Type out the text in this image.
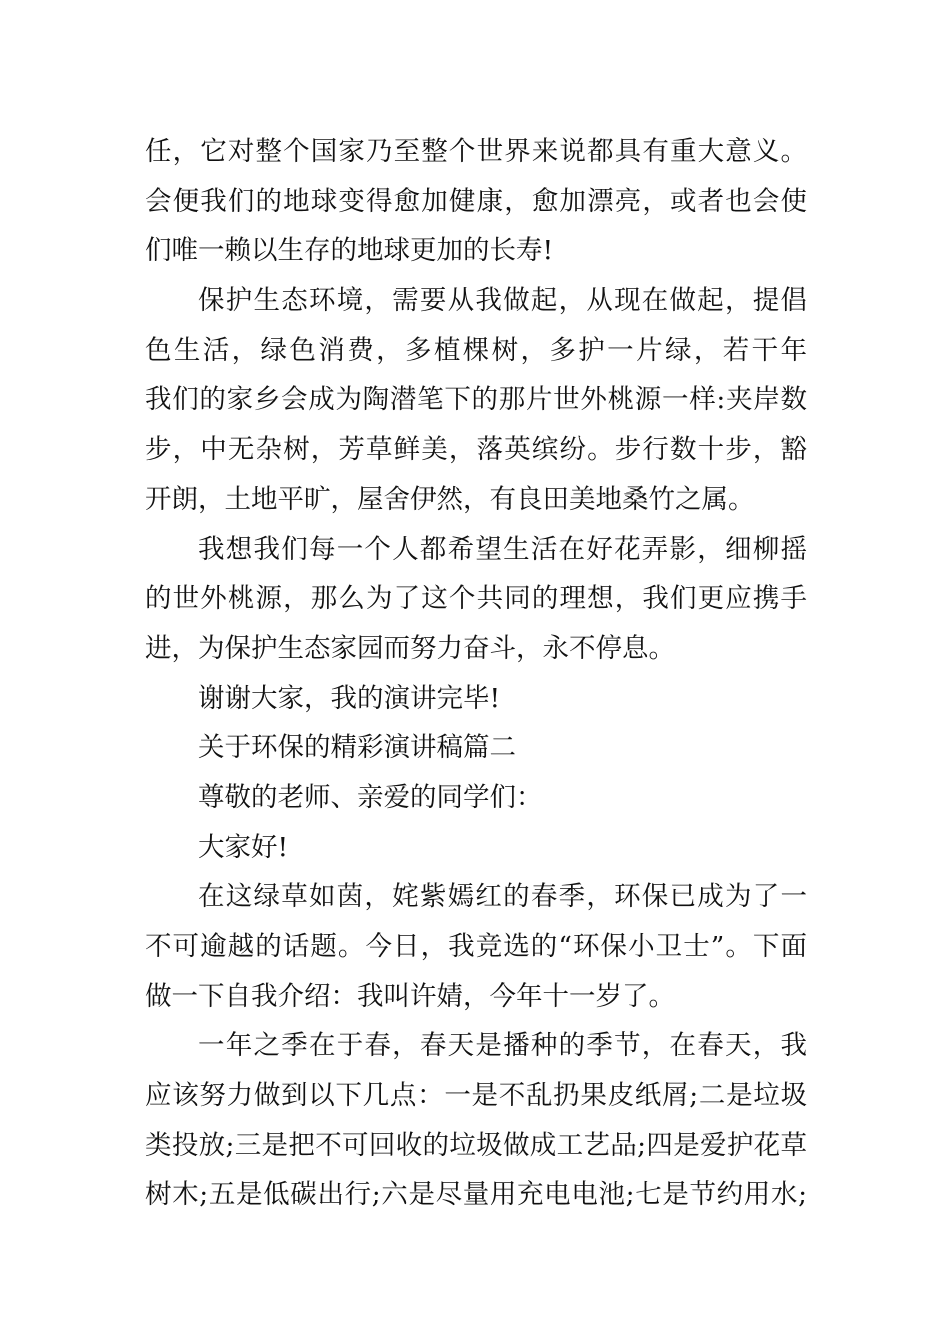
任，它对整个国家乃至整个世界来说都具有重大意义。
会便我们的地球变得愈加健康，愈加漂亮，或者也会使
们唯一赖以生存的地球更加的长寿!
保护生态环境，需要从我做起，从现在做起，提倡
色生活，绿色消费，多植棵树，多护一片绿，若干年
我们的家乡会成为陶潜笔下的那片世外桃源一样:夹岸数
步，中无杂树，芳草鲜美，落英缤纷。步行数十步，豁
开朗，土地平旷，屋舍伊然，有良田美地桑竹之属。
我想我们每一个人都希望生活在好花弄影，细柳摇
的世外桃源，那么为了这个共同的理想，我们更应携手
进，为保护生态家园而努力奋斗，永不停息。
谢谢大家，我的演讲完毕!
关于环保的精彩演讲稿篇二
尊敬的老师、亲爱的同学们：
大家好!
在这绿草如茵，姹紫嫣红的春季，环保已成为了一
不可逾越的话题。今日，我竞选的“环保小卫士”。下面
做一下自我介绍：我叫许婧，今年十一岁了。
一年之季在于春，春天是播种的季节，在春天，我
应该努力做到以下几点：一是不乱扔果皮纸屑;二是垃圾
类投放;三是把不可回收的垃圾做成工艺品;四是爱护花草
树木;五是低碳出行;六是尽量用充电电池;七是节约用水;
